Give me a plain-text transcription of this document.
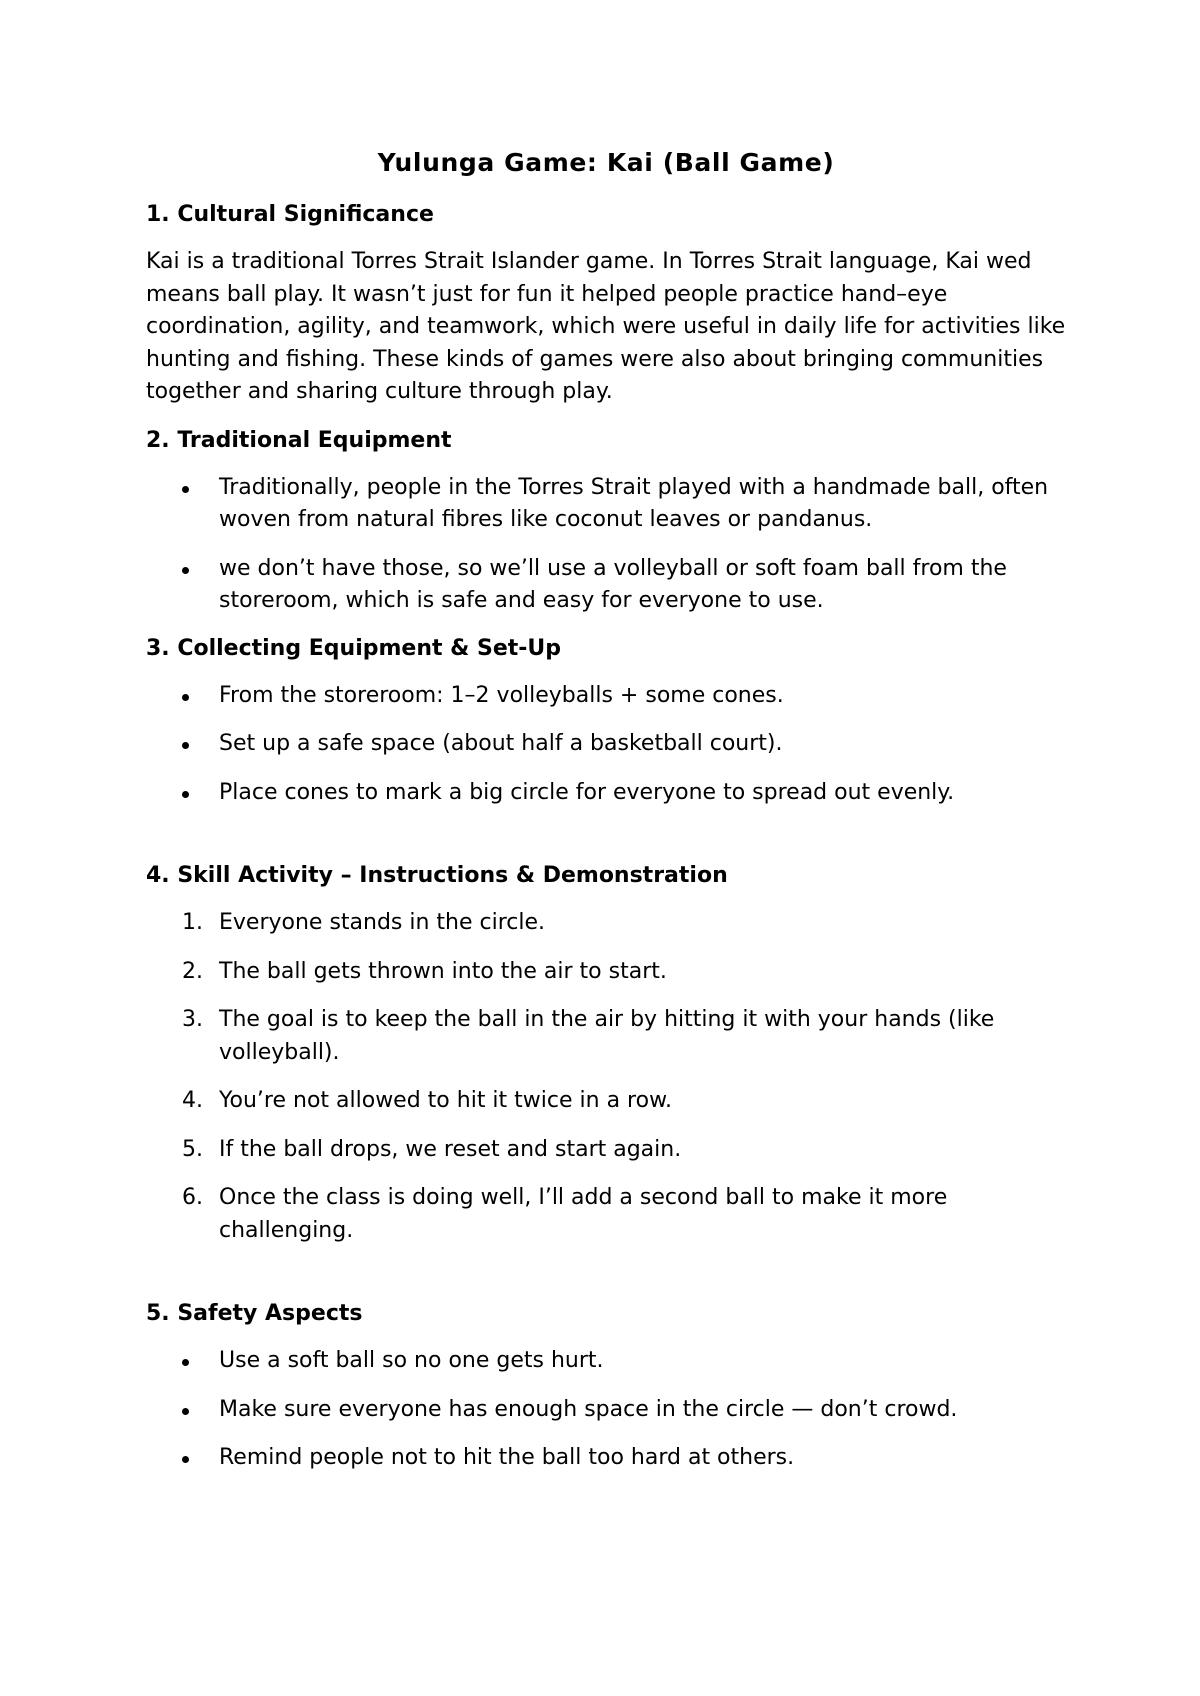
Yulunga Game: Kai (Ball Game)
1. Cultural Significance

Kai is a traditional Torres Strait Islander game. In Torres Strait language, Kai wed means ball play. It wasn’t just for fun it helped people practice hand–eye coordination, agility, and teamwork, which were useful in daily life for activities like hunting and fishing. These kinds of games were also about bringing communities together and sharing culture through play.

2. Traditional Equipment
Traditionally, people in the Torres Strait played with a handmade ball, often woven from natural fibres like coconut leaves or pandanus.
we don’t have those, so we’ll use a volleyball or soft foam ball from the storeroom, which is safe and easy for everyone to use.
3. Collecting Equipment & Set-Up
From the storeroom: 1–2 volleyballs + some cones.
Set up a safe space (about half a basketball court).
Place cones to mark a big circle for everyone to spread out evenly.
4. Skill Activity – Instructions & Demonstration
1. Everyone stands in the circle.
2. The ball gets thrown into the air to start.
3. The goal is to keep the ball in the air by hitting it with your hands (like volleyball).
4. You’re not allowed to hit it twice in a row.
5. If the ball drops, we reset and start again.
6. Once the class is doing well, I’ll add a second ball to make it more challenging.
5. Safety Aspects
Use a soft ball so no one gets hurt.
Make sure everyone has enough space in the circle — don’t crowd.
Remind people not to hit the ball too hard at others.
